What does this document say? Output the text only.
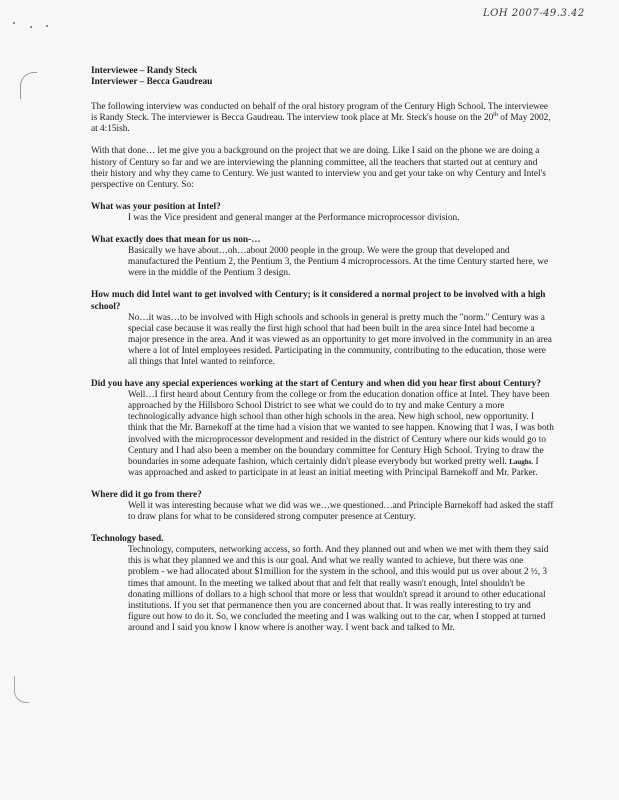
LOH 2007-49.3.42

Interviewee – Randy Steck

Interviewer – Becca Gaudreau

The following interview was conducted on behalf of the oral history program of the Century High School. The interviewee is Randy Steck. The interviewer is Becca Gaudreau. The interview took place at Mr. Steck's house on the 20th of May 2002, at 4:15ish.

With that done… let me give you a background on the project that we are doing. Like I said on the phone we are doing a history of Century so far and we are interviewing the planning committee, all the teachers that started out at century and their history and why they came to Century. We just wanted to interview you and get your take on why Century and Intel's perspective on Century. So:

What was your position at Intel?

I was the Vice president and general manger at the Performance microprocessor division.

What exactly does that mean for us non-…

Basically we have about…oh…about 2000 people in the group. We were the group that developed and manufactured the Pentium 2, the Pentium 3, the Pentium 4 microprocessors. At the time Century started here, we were in the middle of the Pentium 3 design.

How much did Intel want to get involved with Century; is it considered a normal project to be involved with a high school?

No…it was…to be involved with High schools and schools in general is pretty much the "norm." Century was a special case because it was really the first high school that had been built in the area since Intel had become a major presence in the area. And it was viewed as an opportunity to get more involved in the community in an area where a lot of Intel employees resided. Participating in the community, contributing to the education, those were all things that Intel wanted to reinforce.

Did you have any special experiences working at the start of Century and when did you hear first about Century?

Well…I first heard about Century from the college or from the education donation office at Intel. They have been approached by the Hillsboro School District to see what we could do to try and make Century a more technologically advance high school than other high schools in the area. New high school, new opportunity. I think that the Mr. Barnekoff at the time had a vision that we wanted to see happen. Knowing that I was, I was both involved with the microprocessor development and resided in the district of Century where our kids would go to Century and I had also been a member on the boundary committee for Century High School. Trying to draw the boundaries in some adequate fashion, which certainly didn't please everybody but worked pretty well. Laughs. I was approached and asked to participate in at least an initial meeting with Principal Barnekoff and Mr. Parker.

Where did it go from there?

Well it was interesting because what we did was we…we questioned…and Principle Barnekoff had asked the staff to draw plans for what to be considered strong computer presence at Century.

Technology based.

Technology, computers, networking access, so forth. And they planned out and when we met with them they said this is what they planned we and this is our goal. And what we really wanted to achieve, but there was one problem - we had allocated about $1million for the system in the school, and this would put us over about 2 ½, 3 times that amount. In the meeting we talked about that and felt that really wasn't enough, Intel shouldn't be donating millions of dollars to a high school that more or less that wouldn't spread it around to other educational institutions. If you set that permanence then you are concerned about that. It was really interesting to try and figure out how to do it. So, we concluded the meeting and I was walking out to the car, when I stopped at turned around and I said you know I know where is another way. I went back and talked to Mr.
